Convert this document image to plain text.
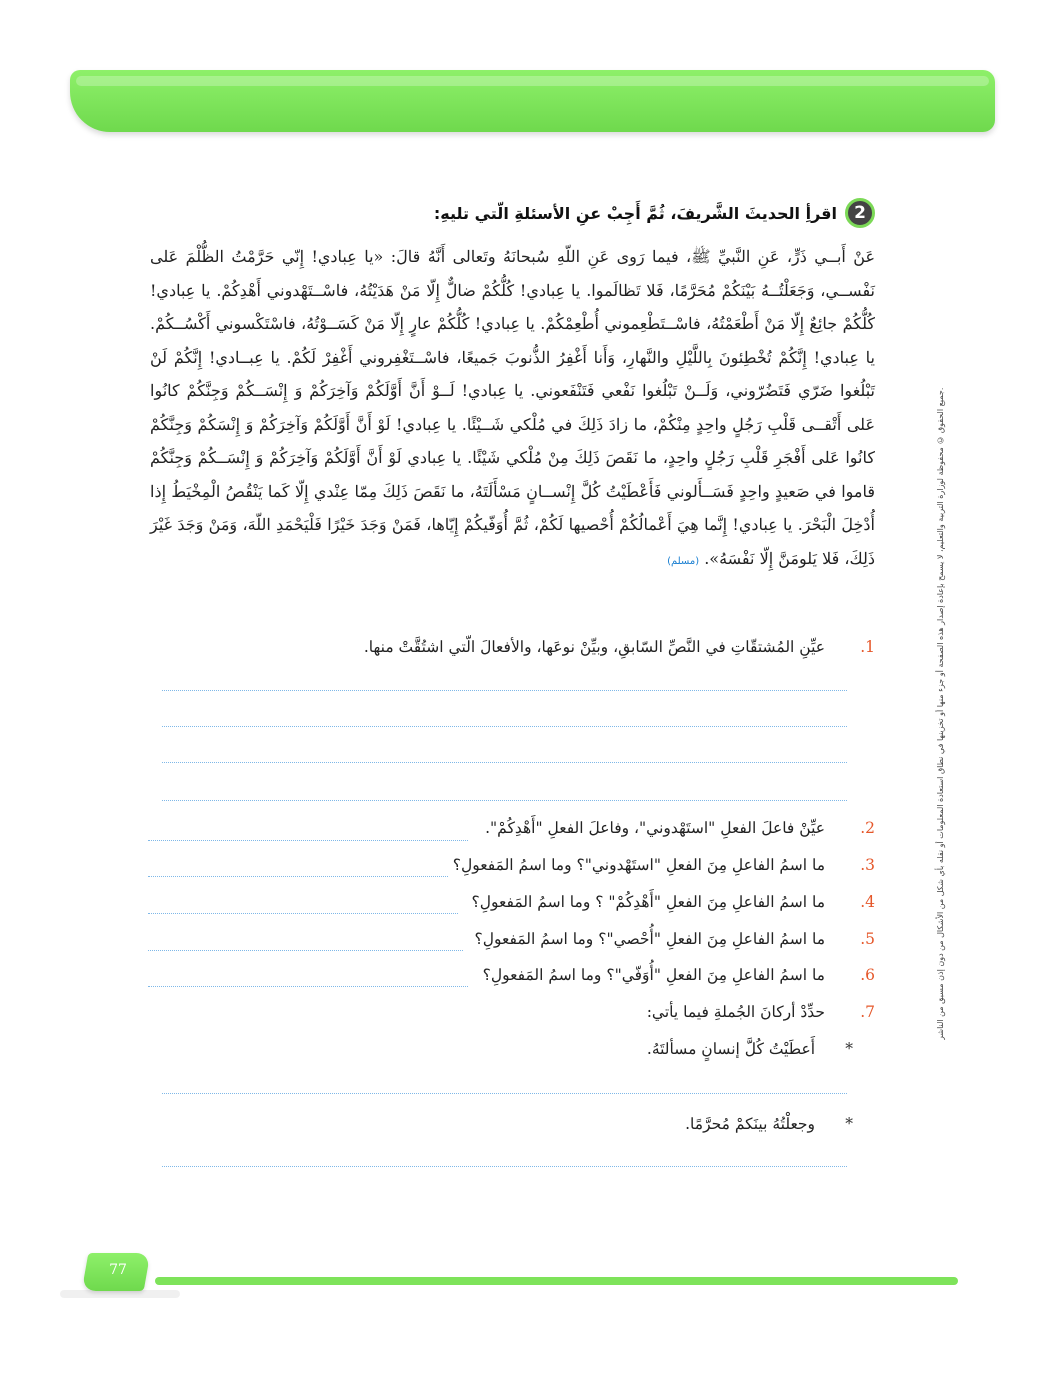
جميع الحقوق © محفوظة لوزارة التربية والتعليم، لا يسمح بإعادة إصدار هذه الصفحة أو جزء منها أو تخزينها في نطاق استعادة المعلومات أو نقله بأي شكل من الأشكال من دون إذن مسبق من الناشر.
2
اقرأِ الحديثَ الشَّريفَ، ثُمَّ أَجِبْ عنِ الأسئلةِ الّتي تليهِ:
عَنْ أَبــي ذَرٍّ، عَنِ النَّبيِّ ﷺ، فيما رَوى عَنِ اللّهِ سُبحانَهُ وتَعالى أَنَّهُ قالَ: «يا عِبادي! إِنّي حَرَّمْتُ الظُّلْمَ عَلى نَفْســي، وَجَعَلْتُــهُ بَيْنَكُمْ مُحَرَّمًا، فَلا تَظالَموا. يا عِبادي! كُلُّكُمْ ضالٌّ إِلّا مَنْ هَدَيْتُهُ، فاسْــتَهْدوني أَهْدِكُمْ. يا عِبادي! كُلُّكُمْ جائِعٌ إِلّا مَنْ أَطْعَمْتُهُ، فاسْــتَطْعِموني أُطْعِمْكُمْ. يا عِبادي! كُلُّكُمْ عارٍ إِلّا مَنْ كَسَــوْتُهُ، فاسْتَكْسوني أَكْسُــكُمْ. يا عِبادي! إِنَّكُمْ تُخْطِئونَ بِاللَّيْلِ والنَّهارِ، وَأَنا أَغْفِرُ الذُّنوبَ جَميعًا، فاسْــتَغْفِروني أَغْفِرْ لَكُمْ. يا عِبــادي! إِنَّكُمْ لَنْ تَبْلُغوا ضَرّي فَتَضُرّوني، وَلَــنْ تَبْلُغوا نَفْعي فَتَنْفَعوني. يا عِبادي! لَــوْ أَنَّ أَوَّلَكُمْ وَآخِرَكُمْ وَ إِنْسَــكُمْ وَجِنَّكُمْ كانُوا عَلى أَتْقــى قَلْبِ رَجُلٍ واحِدٍ مِنْكُمْ، ما زادَ ذَلِكَ في مُلْكي شَــيْئًا. يا عِبادي! لَوْ أَنَّ أَوَّلَكُمْ وَآخِرَكُمْ وَ إِنْسَكُمْ وَجِنَّكُمْ كانُوا عَلى أَفْجَرِ قَلْبِ رَجُلٍ واحِدٍ، ما نَقَصَ ذَلِكَ مِنْ مُلْكي شَيْئًا. يا عِبادي لَوْ أَنَّ أَوَّلَكُمْ وَآخِرَكُمْ وَ إِنْسَــكُمْ وَجِنَّكُمْ قاموا في صَعيدٍ واحِدٍ فَسَــأَلوني فَأَعْطَيْتُ كُلَّ إِنْســانٍ مَسْأَلَتَهُ، ما نَقَصَ ذَلِكَ مِمّا عِنْدي إِلّا كَما يَنْقُصُ الْمِخْيَطُ إِذا أُدْخِلَ الْبَحْرَ. يا عِبادي! إِنَّما هِيَ أَعْمالُكُمْ أُحْصيها لَكُمْ، ثُمَّ أُوَفّيكُمْ إِيّاها، فَمَنْ وَجَدَ خَيْرًا فَلْيَحْمَدِ اللّهَ، وَمَنْ وَجَدَ غَيْرَ ذَلِكَ، فَلا يَلومَنَّ إِلّا نَفْسَهُ». (مسلم)
1.عيِّنِ المُشتقّاتِ في النَّصِّ السّابقِ، وبيِّنْ نوعَها، والأفعالَ الّتي اشتُقَّتْ منها.
2.عيِّنْ فاعلَ الفعلِ "استَهْدوني"، وفاعلَ الفعلِ "أَهْدِكُمْ".
3.ما اسمُ الفاعلِ مِنَ الفعلِ "استَهْدوني"؟ وما اسمُ المَفعولِ؟
4.ما اسمُ الفاعلِ مِنَ الفعلِ "أَهْدِكُمْ" ؟ وما اسمُ المَفعولِ؟
5.ما اسمُ الفاعلِ مِنَ الفعلِ "أُحْصي"؟ وما اسمُ المَفعولِ؟
6.ما اسمُ الفاعلِ مِنَ الفعلِ "أُوَفّي"؟ وما اسمُ المَفعولِ؟
7.حدِّدْ أركانَ الجُملةِ فيما يأتي:
*أَعطَيْتُ كُلَّ إنسانٍ مسألتَهُ.
*وجعلْتُهُ بينَكمْ مُحرَّمًا.
77
